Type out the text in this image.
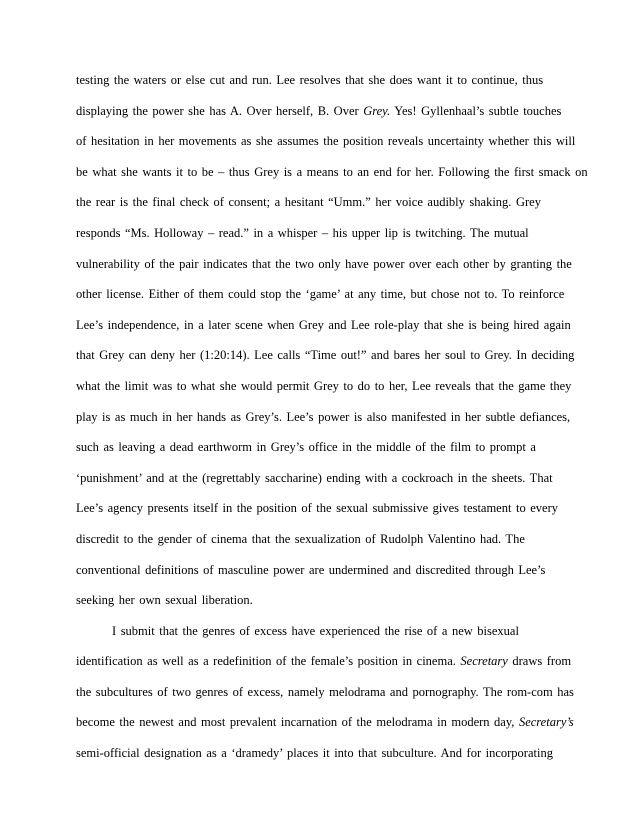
testing the waters or else cut and run. Lee resolves that she does want it to continue, thus
displaying the power she has A. Over herself, B. Over Grey. Yes! Gyllenhaal’s subtle touches
of hesitation in her movements as she assumes the position reveals uncertainty whether this will
be what she wants it to be – thus Grey is a means to an end for her. Following the first smack on
the rear is the final check of consent; a hesitant “Umm.” her voice audibly shaking. Grey
responds “Ms. Holloway – read.” in a whisper – his upper lip is twitching. The mutual
vulnerability of the pair indicates that the two only have power over each other by granting the
other license. Either of them could stop the ‘game’ at any time, but chose not to. To reinforce
Lee’s independence, in a later scene when Grey and Lee role-play that she is being hired again
that Grey can deny her (1:20:14). Lee calls “Time out!” and bares her soul to Grey. In deciding
what the limit was to what she would permit Grey to do to her, Lee reveals that the game they
play is as much in her hands as Grey’s. Lee’s power is also manifested in her subtle defiances,
such as leaving a dead earthworm in Grey’s office in the middle of the film to prompt a
‘punishment’ and at the (regrettably saccharine) ending with a cockroach in the sheets. That
Lee’s agency presents itself in the position of the sexual submissive gives testament to every
discredit to the gender of cinema that the sexualization of Rudolph Valentino had. The
conventional definitions of masculine power are undermined and discredited through Lee’s
seeking her own sexual liberation.
I submit that the genres of excess have experienced the rise of a new bisexual
identification as well as a redefinition of the female’s position in cinema. Secretary draws from
the subcultures of two genres of excess, namely melodrama and pornography. The rom-com has
become the newest and most prevalent incarnation of the melodrama in modern day, Secretary’s
semi-official designation as a ‘dramedy’ places it into that subculture. And for incorporating
